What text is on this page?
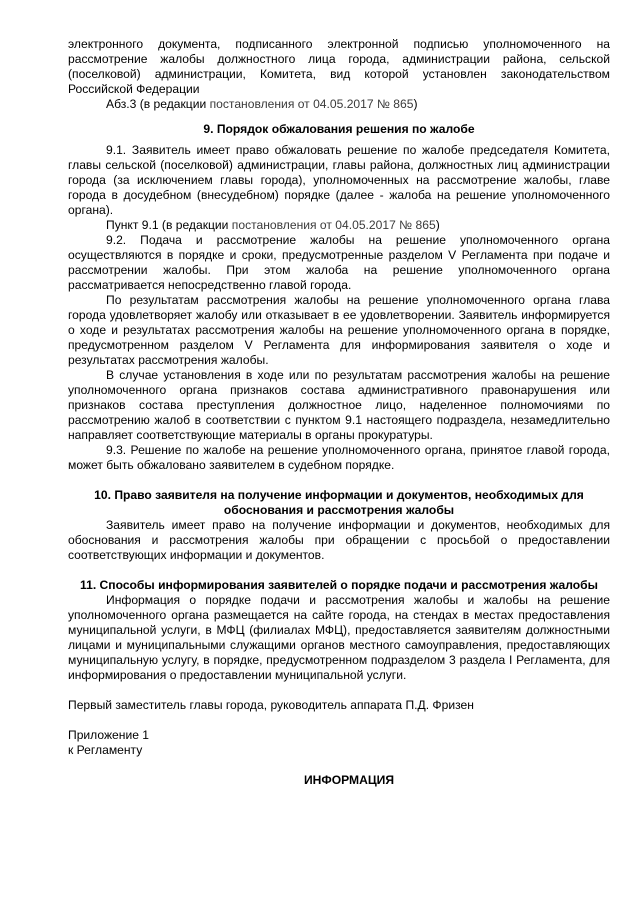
электронного документа, подписанного электронной подписью уполномоченного на рассмотрение жалобы должностного лица города, администрации района, сельской (поселковой) администрации, Комитета, вид которой установлен законодательством Российской Федерации

Абз.3 (в редакции постановления от 04.05.2017 № 865)

9. Порядок обжалования решения по жалобе

9.1. Заявитель имеет право обжаловать решение по жалобе председателя Комитета, главы сельской (поселковой) администрации, главы района, должностных лиц администрации города (за исключением главы города), уполномоченных на рассмотрение жалобы, главе города в досудебном (внесудебном) порядке (далее - жалоба на решение уполномоченного органа).

Пункт 9.1 (в редакции постановления от 04.05.2017 № 865)

9.2. Подача и рассмотрение жалобы на решение уполномоченного органа осуществляются в порядке и сроки, предусмотренные разделом V Регламента при подаче и рассмотрении жалобы. При этом жалоба на решение уполномоченного органа рассматривается непосредственно главой города.

По результатам рассмотрения жалобы на решение уполномоченного органа глава города удовлетворяет жалобу или отказывает в ее удовлетворении. Заявитель информируется о ходе и результатах рассмотрения жалобы на решение уполномоченного органа в порядке, предусмотренном разделом V Регламента для информирования заявителя о ходе и результатах рассмотрения жалобы.

В случае установления в ходе или по результатам рассмотрения жалобы на решение уполномоченного органа признаков состава административного правонарушения или признаков состава преступления должностное лицо, наделенное полномочиями по рассмотрению жалоб в соответствии с пунктом 9.1 настоящего подраздела, незамедлительно направляет соответствующие материалы в органы прокуратуры.

9.3. Решение по жалобе на решение уполномоченного органа, принятое главой города, может быть обжаловано заявителем в судебном порядке.

10. Право заявителя на получение информации и документов, необходимых для обоснования и рассмотрения жалобы

Заявитель имеет право на получение информации и документов, необходимых для обоснования и рассмотрения жалобы при обращении с просьбой о предоставлении соответствующих информации и документов.

11. Способы информирования заявителей о порядке подачи и рассмотрения жалобы

Информация о порядке подачи и рассмотрения жалобы и жалобы на решение уполномоченного органа размещается на сайте города, на стендах в местах предоставления муниципальной услуги, в МФЦ (филиалах МФЦ), предоставляется заявителям должностными лицами и муниципальными служащими органов местного самоуправления, предоставляющих муниципальную услугу, в порядке, предусмотренном подразделом 3 раздела I Регламента, для информирования о предоставлении муниципальной услуги.

Первый заместитель главы города, руководитель аппарата П.Д. Фризен

Приложение 1

к Регламенту

ИНФОРМАЦИЯ
